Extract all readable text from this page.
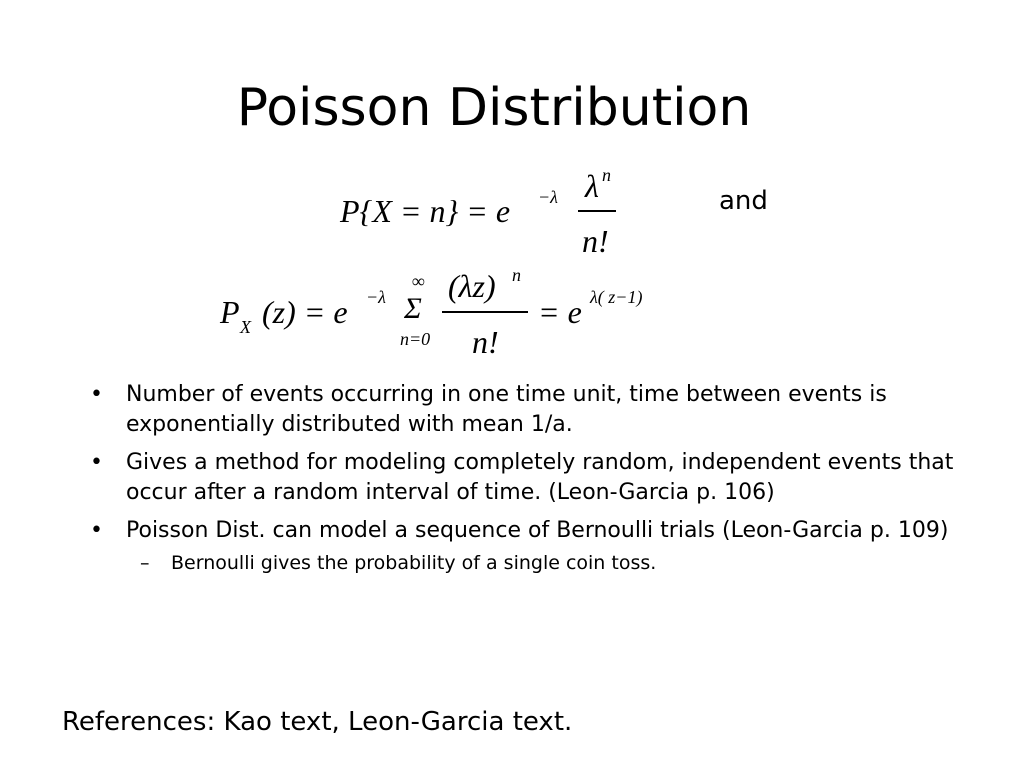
Poisson Distribution
P{X = n} = e −λ λ n
n!
and
P X (z) = e −λ
∞
Σ
n=0
(λz) n
n!
= e λ( z−1)
• Number of events occurring in one time unit, time between events is exponentially distributed with mean 1/a.
• Gives a method for modeling completely random, independent events that occur after a random interval of time. (Leon-Garcia p. 106)
• Poisson Dist. can model a sequence of Bernoulli trials (Leon-Garcia p. 109)
– Bernoulli gives the probability of a single coin toss.
References: Kao text, Leon-Garcia text.
